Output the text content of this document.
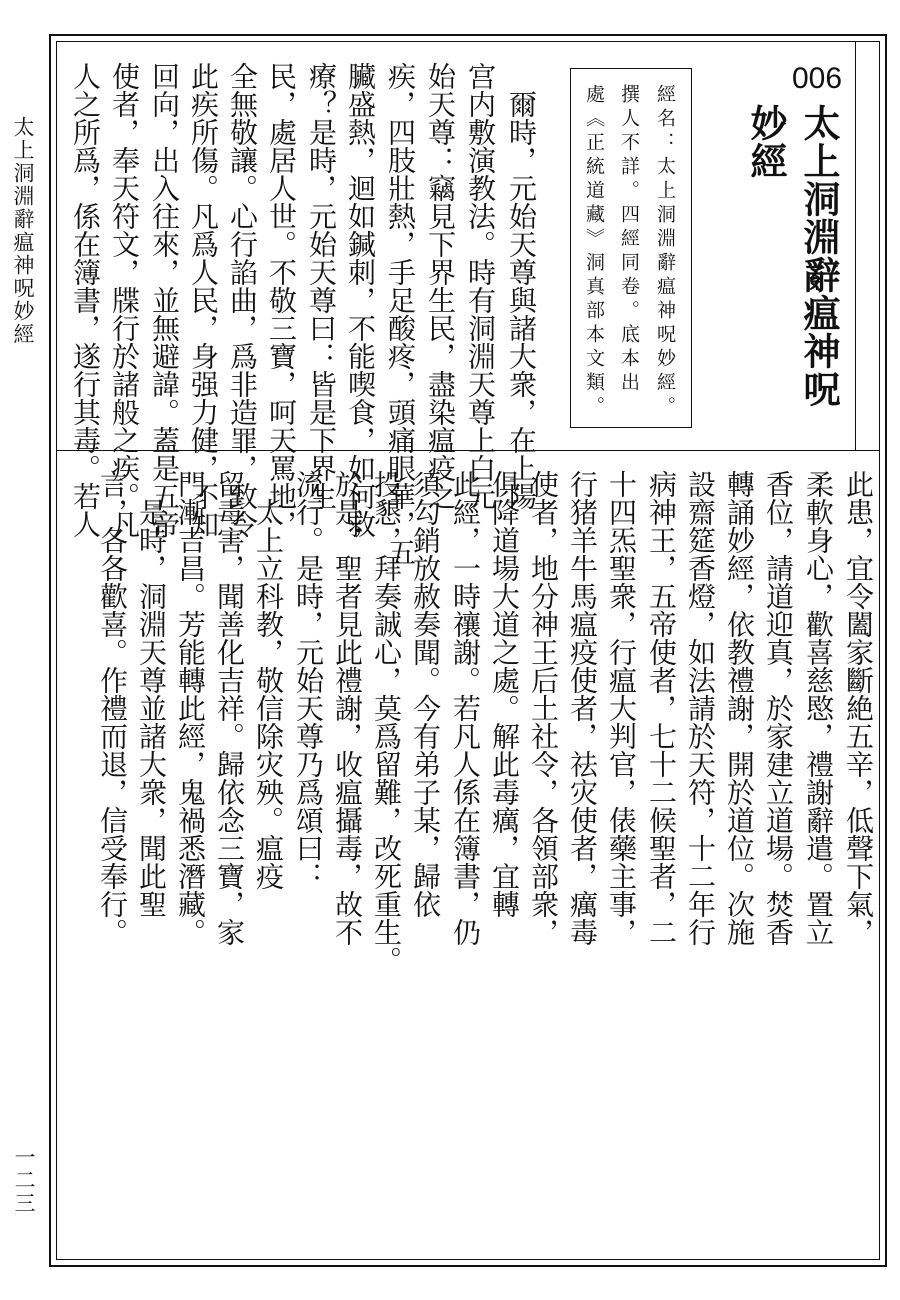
太上洞淵辭瘟神呪妙經
一二三
006
太上洞淵辭瘟神呪
妙經
經名：太上洞淵辭瘟神呪妙經。
撰人不詳。四經同卷。底本出
處《正統道藏》洞真部本文類。
　爾時，元始天尊與諸大衆，在上陽
宫内敷演教法。時有洞淵天尊上白元
始天尊：竊見下界生民，盡染瘟疫之
疾，四肢壯熱，手足酸疼，頭痛眼華，五
臟盛熱，迴如鍼刺，不能喫食，如何救
療？是時，元始天尊曰：皆是下界生
民，處居人世。不敬三寶，呵天罵地，
全無敬讓。心行諂曲，爲非造罪，致令
此疾所傷。凡爲人民，身强力健，不知
回向，出入往來，並無避諱。蓋是五帝
使者，奉天符文，牒行於諸般之疾。凡
人之所爲，係在簿書，遂行其毒。若人
此患，宜令闔家斷絶五辛，低聲下氣，
柔軟身心，歡喜慈愍，禮謝辭遣。置立
香位，請道迎真，於家建立道場。焚香
轉誦妙經，依教禮謝，開於道位。次施
設齋筵香燈，如法請於天符，十二年行
病神王，五帝使者，七十二候聖者，二
十四炁聖衆，行瘟大判官，俵藥主事，
行猪羊牛馬瘟疫使者，祛灾使者，癘毒
使者，地分神王后土社令，各領部衆，
俱降道場大道之處。解此毒癘，宜轉
此經，一時禳謝。若凡人係在簿書，仍
須勾銷放赦奏聞。今有弟子某，歸依
投懇，拜奏誠心，莫爲留難，改死重生。
於是，聖者見此禮謝，收瘟攝毒，故不
流行。是時，元始天尊乃爲頌曰：
　太上立科教，敬信除灾殃。瘟疫
留毒害，聞善化吉祥。歸依念三寶，家
門漸吉昌。芳能轉此經，鬼禍悉潛藏。
　是時，洞淵天尊並諸大衆，聞此聖
言，各各歡喜。作禮而退，信受奉行。
